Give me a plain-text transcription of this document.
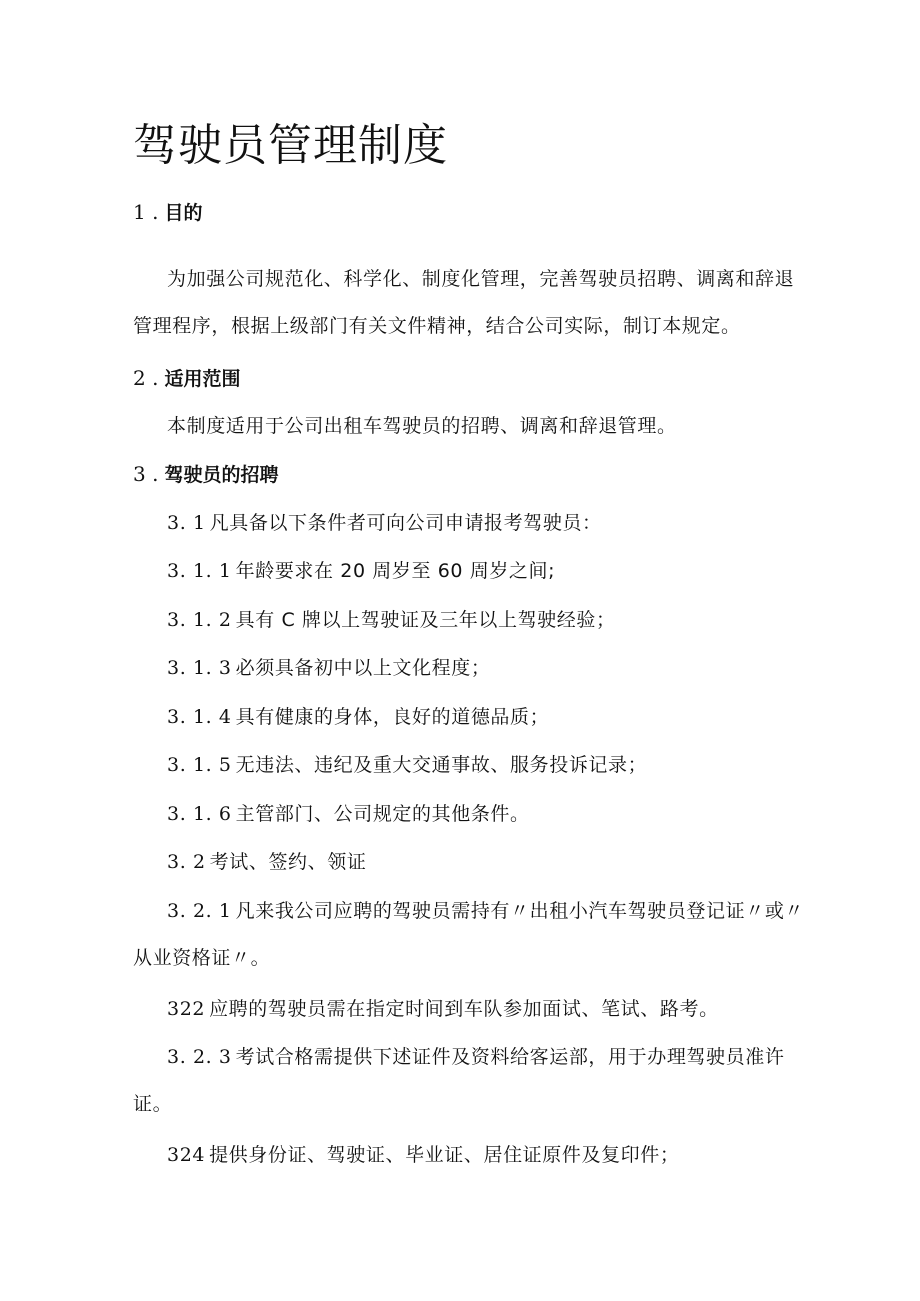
驾驶员管理制度
1 . 目的

为加强公司规范化、科学化、制度化管理，完善驾驶员招聘、调离和辞退管理程序，根据上级部门有关文件精神，结合公司实际，制订本规定。

2 . 适用范围

本制度适用于公司出租车驾驶员的招聘、调离和辞退管理。

3 . 驾驶员的招聘

3. 1 凡具备以下条件者可向公司申请报考驾驶员：

3. 1. 1 年龄要求在 20 周岁至 60 周岁之间;

3. 1. 2 具有 C 牌以上驾驶证及三年以上驾驶经验；

3. 1. 3 必须具备初中以上文化程度；

3. 1. 4 具有健康的身体，良好的道德品质；

3. 1. 5 无违法、违纪及重大交通事故、服务投诉记录；

3. 1. 6 主管部门、公司规定的其他条件。

3. 2 考试、签约、领证

3. 2. 1 凡来我公司应聘的驾驶员需持有〃出租小汽车驾驶员登记证〃或〃从业资格证〃。

322 应聘的驾驶员需在指定时间到车队参加面试、笔试、路考。

3. 2. 3 考试合格需提供下述证件及资料给客运部，用于办理驾驶员准许证。

324 提供身份证、驾驶证、毕业证、居住证原件及复印件；
